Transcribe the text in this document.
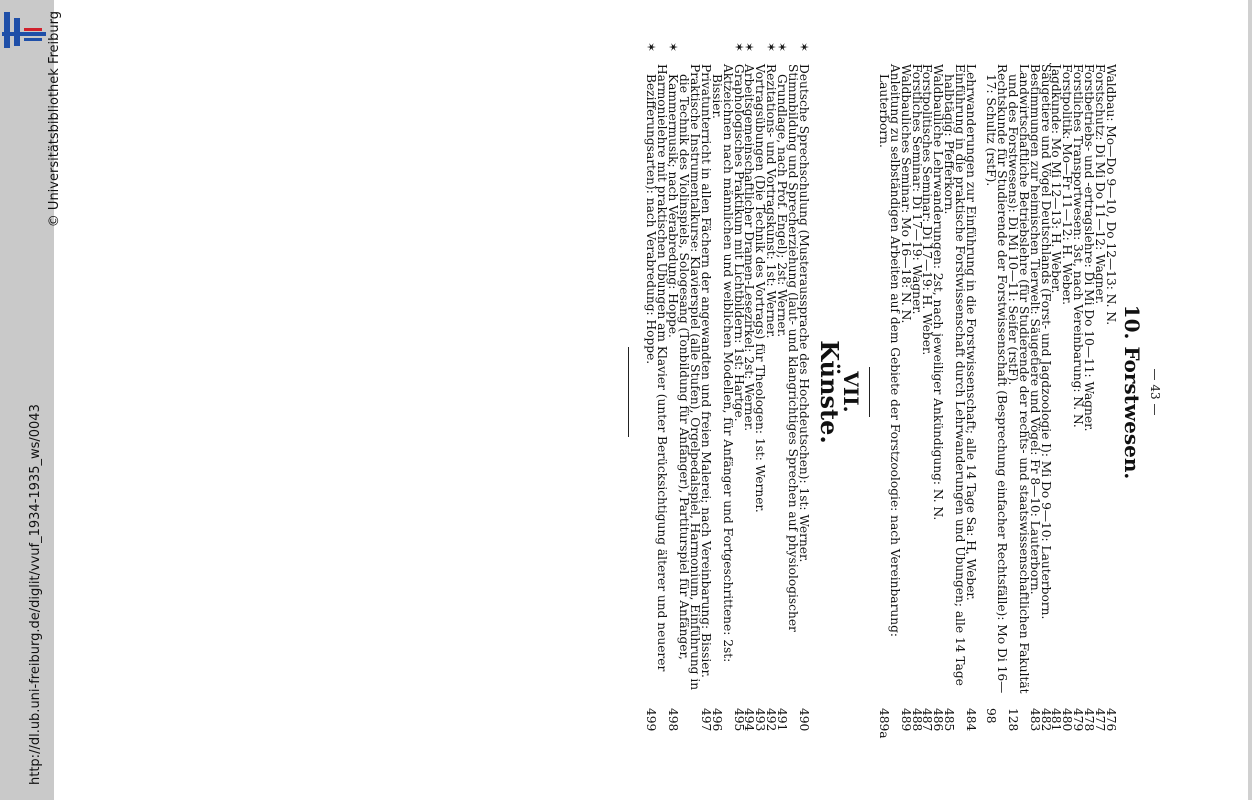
http://dl.ub.uni-freiburg.de/diglit/vvuf_1934-1935_ws/0043
© Universitätsbibliothek Freiburg
— 43 —
10. Forstwesen.
Waldbau: Mo—Do 9—10, Do 12—13: N. N.
476
Forstschutz: Di Mi Do 11—12: Wagner.
477
Forstbetriebs- und -ertragslehre: Di Mi Do 10—11: Wagner.
478
Forstliches Transportwesen: 3st, nach Vereinbarung: N. N.
479
Forstpolitik: Mo—Fr 11—12: H. Weber.
480
Jagdkunde: Mo Mi 12—13: H. Weber.
481
Säugetiere und Vögel Deutschlands (Forst- und Jagdzoologie I): Mi Do 9—10: Lauterborn.
482
Bestimmungen zur heimischen Tierwelt: Säugetiere und Vögel: Fr 8—10: Lauterborn.
483
Landwirtschaftliche Betriebslehre (für Studierende der rechts- und staatswissenschaftlichen Fakultät und des Forstwesens): Di Mi 10—11: Seifer (rstF).
128
Rechtskunde für Studierende der Forstwissenschaft (Besprechung einfacher Rechtsfälle): Mo Di 16—17: Schultz (rstF).
98
Lehrwanderungen zur Einführung in die Forstwissenschaft; alle 14 Tage Sa: H. Weber.
484
Einführung in die praktische Forstwissenschaft durch Lehrwanderungen und Übungen; alle 14 Tage halbtägig: Pfefferkorn.
485
Waldbauliche Lehrwanderungen: 2st, nach jeweiliger Ankündigung: N. N.
486
Forstpolitisches Seminar: Di 17—19: H. Weber.
487
Forstliches Seminar: Di 17—19: Wagner.
488
Waldbauliches Seminar: Mo 16—18: N. N.
489
Anleitung zu selbständigen Arbeiten auf dem Gebiete der Forstzoologie: nach Vereinbarung: Lauterborn.
489a
VII.
Künste.
✶
Deutsche Sprechschulung (Musteraussprache des Hochdeutschen): 1st: Werner.
490
✶
Stimmbildung und Sprecherziehung (laut- und klangrichtiges Sprechen auf physiologischer Grundlage, nach Prof. Engel); 2st: Werner.
491
✶
Rezitations- und Vortragskunst: 1st: Werner.
492
Vortragsübungen (Die Technik des Vortrags) für Theologen: 1st: Werner.
493
✶
Arbeitsgemeinschaftlicher Dramen-Lesezirkel: 2st: Werner.
494
✶
Graphologisches Praktikum mit Lichtbildern: 1st: Hartge.
495
Aktzeichnen nach männlichen und weiblichen Modellen, für Anfänger und Fortgeschrittene: 2st: Bissier.
496
Privatunterricht in allen Fächern der angewandten und freien Malerei; nach Vereinbarung: Bissier.
497
✶
Praktische Instrumentalkurse: Klavierspiel (alle Stufen), Orgelpedalspiel, Harmonium, Einführung in die Technik des Violinspiels, Sologesang (Tonbildung für Anfänger), Partiturspiel für Anfänger, Kammermusik; nach Verabredung: Hoppe.
498
✶
Harmonielehre mit praktischen Übungen am Klavier (unter Berücksichtigung älterer und neuerer Bezifferungsarten): nach Verabredung: Hoppe.
499
